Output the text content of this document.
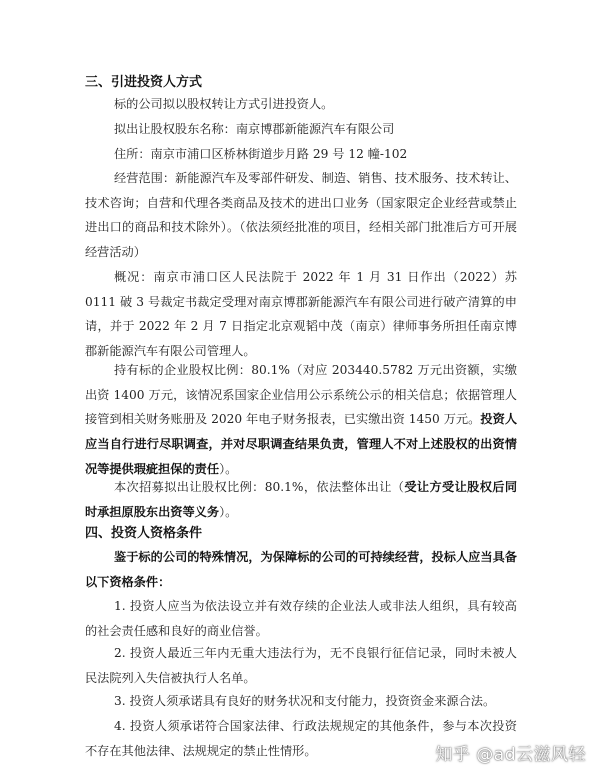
三、引进投资人方式
标的公司拟以股权转让方式引进投资人。
拟出让股权股东名称：南京博郡新能源汽车有限公司
住所：南京市浦口区桥林街道步月路 29 号 12 幢-102
经营范围：新能源汽车及零部件研发、制造、销售、技术服务、技术转让、技术咨询；自营和代理各类商品及技术的进出口业务（国家限定企业经营或禁止进出口的商品和技术除外）。（依法须经批准的项目，经相关部门批准后方可开展经营活动）
概况：南京市浦口区人民法院于 2022 年 1 月 31 日作出（2022）苏 0111 破 3 号裁定书裁定受理对南京博郡新能源汽车有限公司进行破产清算的申请，并于 2022 年 2 月 7 日指定北京观韬中茂（南京）律师事务所担任南京博郡新能源汽车有限公司管理人。
持有标的企业股权比例：80.1%（对应 203440.5782 万元出资额，实缴出资 1400 万元，该情况系国家企业信用公示系统公示的相关信息；依据管理人接管到相关财务账册及 2020 年电子财务报表，已实缴出资 1450 万元。投资人应当自行进行尽职调查，并对尽职调查结果负责，管理人不对上述股权的出资情况等提供瑕疵担保的责任）。
本次招募拟出让股权比例：80.1%，依法整体出让（受让方受让股权后同时承担原股东出资等义务）。
四、投资人资格条件
鉴于标的公司的特殊情况，为保障标的公司的可持续经营，投标人应当具备以下资格条件：
1. 投资人应当为依法设立并有效存续的企业法人或非法人组织，具有较高的社会责任感和良好的商业信誉。
2. 投资人最近三年内无重大违法行为，无不良银行征信记录，同时未被人民法院列入失信被执行人名单。
3. 投资人须承诺具有良好的财务状况和支付能力，投资资金来源合法。
4. 投资人须承诺符合国家法律、行政法规规定的其他条件，参与本次投资不存在其他法律、法规规定的禁止性情形。	知乎 @ad云滋风轻
